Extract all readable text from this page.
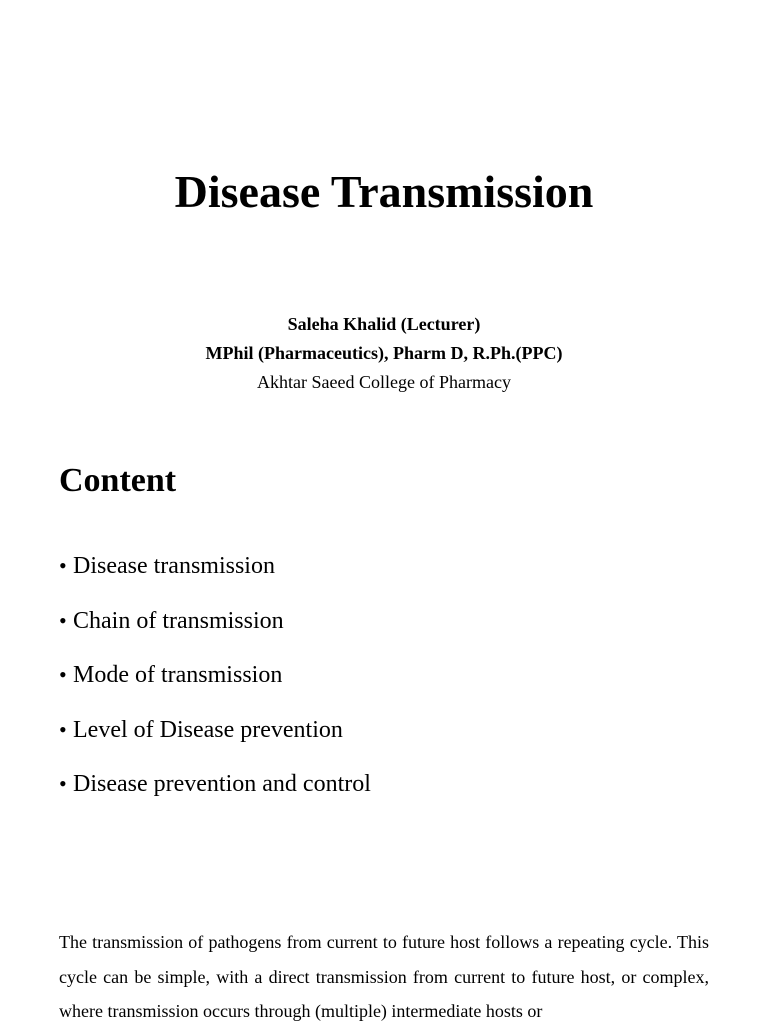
Disease Transmission
Saleha Khalid (Lecturer)
MPhil (Pharmaceutics), Pharm D, R.Ph.(PPC)
Akhtar Saeed College of Pharmacy
Content
• Disease transmission
• Chain of transmission
• Mode of transmission
• Level of Disease prevention
• Disease prevention and control

The transmission of pathogens from current to future host follows a repeating cycle. This cycle can be simple, with a direct transmission from current to future host, or complex, where transmission occurs through (multiple) intermediate hosts or
